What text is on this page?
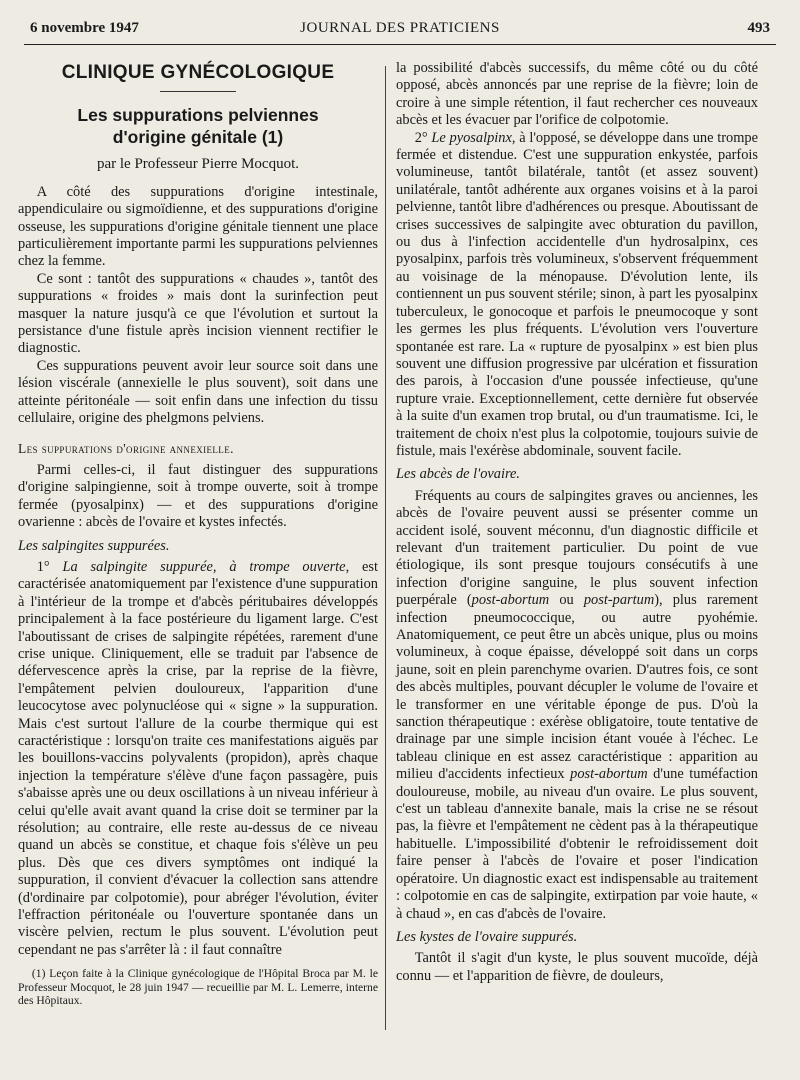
6 novembre 1947	JOURNAL DES PRATICIENS	493
CLINIQUE GYNÉCOLOGIQUE
Les suppurations pelviennes
d'origine génitale (1)
par le Professeur Pierre Mocquot.

A côté des suppurations d'origine intestinale, appendiculaire ou sigmoïdienne, et des suppurations d'origine osseuse, les suppurations d'origine génitale tiennent une place particulièrement importante parmi les suppurations pelviennes chez la femme.

Ce sont : tantôt des suppurations « chaudes », tantôt des suppurations « froides » mais dont la surinfection peut masquer la nature jusqu'à ce que l'évolution et surtout la persistance d'une fistule après incision viennent rectifier le diagnostic.

Ces suppurations peuvent avoir leur source soit dans une lésion viscérale (annexielle le plus souvent), soit dans une atteinte péritonéale — soit enfin dans une infection du tissu cellulaire, origine des phelgmons pelviens.

Les suppurations d'origine annexielle.

Parmi celles-ci, il faut distinguer des suppurations d'origine salpingienne, soit à trompe ouverte, soit à trompe fermée (pyosalpinx) — et des suppurations d'origine ovarienne : abcès de l'ovaire et kystes infectés.

Les salpingites suppurées.

1° La salpingite suppurée, à trompe ouverte, est caractérisée anatomiquement par l'existence d'une suppuration à l'intérieur de la trompe et d'abcès péritubaires développés principalement à la face postérieure du ligament large. C'est l'aboutissant de crises de salpingite répétées, rarement d'une crise unique. Cliniquement, elle se traduit par l'absence de défervescence après la crise, par la reprise de la fièvre, l'empâtement pelvien douloureux, l'apparition d'une leucocytose avec polynucléose qui « signe » la suppuration. Mais c'est surtout l'allure de la courbe thermique qui est caractéristique : lorsqu'on traite ces manifestations aiguës par les bouillons-vaccins polyvalents (propidon), après chaque injection la température s'élève d'une façon passagère, puis s'abaisse après une ou deux oscillations à un niveau inférieur à celui qu'elle avait avant quand la crise doit se terminer par la résolution; au contraire, elle reste au-dessus de ce niveau quand un abcès se constitue, et chaque fois s'élève un peu plus. Dès que ces divers symptômes ont indiqué la suppuration, il convient d'évacuer la collection sans attendre (d'ordinaire par colpotomie), pour abréger l'évolution, éviter l'effraction péritonéale ou l'ouverture spontanée dans un viscère pelvien, rectum le plus souvent. L'évolution peut cependant ne pas s'arrêter là : il faut connaître

(1) Leçon faite à la Clinique gynécologique de l'Hôpital Broca par M. le Professeur Mocquot, le 28 juin 1947 — recueillie par M. L. Lemerre, interne des Hôpitaux.

la possibilité d'abcès successifs, du même côté ou du côté opposé, abcès annoncés par une reprise de la fièvre; loin de croire à une simple rétention, il faut rechercher ces nouveaux abcès et les évacuer par l'orifice de colpotomie.

2° Le pyosalpinx, à l'opposé, se développe dans une trompe fermée et distendue. C'est une suppuration enkystée, parfois volumineuse, tantôt bilatérale, tantôt (et assez souvent) unilatérale, tantôt adhérente aux organes voisins et à la paroi pelvienne, tantôt libre d'adhérences ou presque. Aboutissant de crises successives de salpingite avec obturation du pavillon, ou dus à l'infection accidentelle d'un hydrosalpinx, ces pyosalpinx, parfois très volumineux, s'observent fréquemment au voisinage de la ménopause. D'évolution lente, ils contiennent un pus souvent stérile; sinon, à part les pyosalpinx tuberculeux, le gonocoque et parfois le pneumocoque y sont les germes les plus fréquents. L'évolution vers l'ouverture spontanée est rare. La « rupture de pyosalpinx » est bien plus souvent une diffusion progressive par ulcération et fissuration des parois, à l'occasion d'une poussée infectieuse, qu'une rupture vraie. Exceptionnellement, cette dernière fut observée à la suite d'un examen trop brutal, ou d'un traumatisme. Ici, le traitement de choix n'est plus la colpotomie, toujours suivie de fistule, mais l'exérèse abdominale, souvent facile.

Les abcès de l'ovaire.

Fréquents au cours de salpingites graves ou anciennes, les abcès de l'ovaire peuvent aussi se présenter comme un accident isolé, souvent méconnu, d'un diagnostic difficile et relevant d'un traitement particulier. Du point de vue étiologique, ils sont presque toujours consécutifs à une infection d'origine sanguine, le plus souvent infection puerpérale (post-abortum ou post-partum), plus rarement infection pneumococcique, ou autre pyohémie. Anatomiquement, ce peut être un abcès unique, plus ou moins volumineux, à coque épaisse, développé soit dans un corps jaune, soit en plein parenchyme ovarien. D'autres fois, ce sont des abcès multiples, pouvant décupler le volume de l'ovaire et le transformer en une véritable éponge de pus. D'où la sanction thérapeutique : exérèse obligatoire, toute tentative de drainage par une simple incision étant vouée à l'échec. Le tableau clinique en est assez caractéristique : apparition au milieu d'accidents infectieux post-abortum d'une tuméfaction douloureuse, mobile, au niveau d'un ovaire. Le plus souvent, c'est un tableau d'annexite banale, mais la crise ne se résout pas, la fièvre et l'empâtement ne cèdent pas à la thérapeutique habituelle. L'impossibilité d'obtenir le refroidissement doit faire penser à l'abcès de l'ovaire et poser l'indication opératoire. Un diagnostic exact est indispensable au traitement : colpotomie en cas de salpingite, extirpation par voie haute, « à chaud », en cas d'abcès de l'ovaire.

Les kystes de l'ovaire suppurés.

Tantôt il s'agit d'un kyste, le plus souvent mucoïde, déjà connu — et l'apparition de fièvre, de douleurs,
